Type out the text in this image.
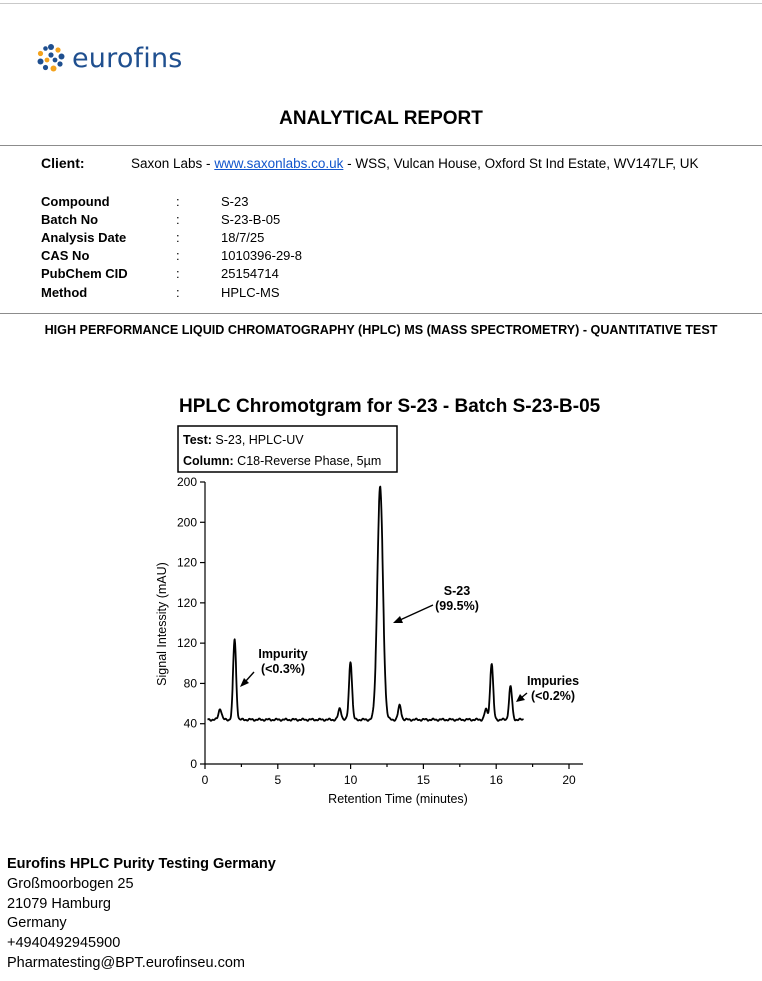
eurofins
ANALYTICAL REPORT
Client:	Saxon Labs - www.saxonlabs.co.uk - WSS, Vulcan House, Oxford St Ind Estate, WV147LF, UK
Compound	:	S-23
Batch No	:	S-23-B-05
Analysis Date	:	18/7/25
CAS No	:	1010396-29-8
PubChem CID	:	25154714
Method	:	HPLC-MS
HIGH PERFORMANCE LIQUID CHROMATOGRAPHY (HPLC) MS (MASS SPECTROMETRY) - QUANTITATIVE TEST
HPLC Chromotgram for S-23 - Batch S-23-B-05
Test: S-23, HPLC-UV
Column: C18-Reverse Phase, 5µm
0
40
80
120
120
120
200
200
0	5	10	15	16	20
Signal Intessity (mAU)
Retention Time (minutes)
S-23
(99.5%)
Impurity
(<0.3%)
Impuries
(<0.2%)
Eurofins HPLC Purity Testing Germany
Großmoorbogen 25
21079 Hamburg
Germany
+4940492945900
Pharmatesting@BPT.eurofinseu.com
